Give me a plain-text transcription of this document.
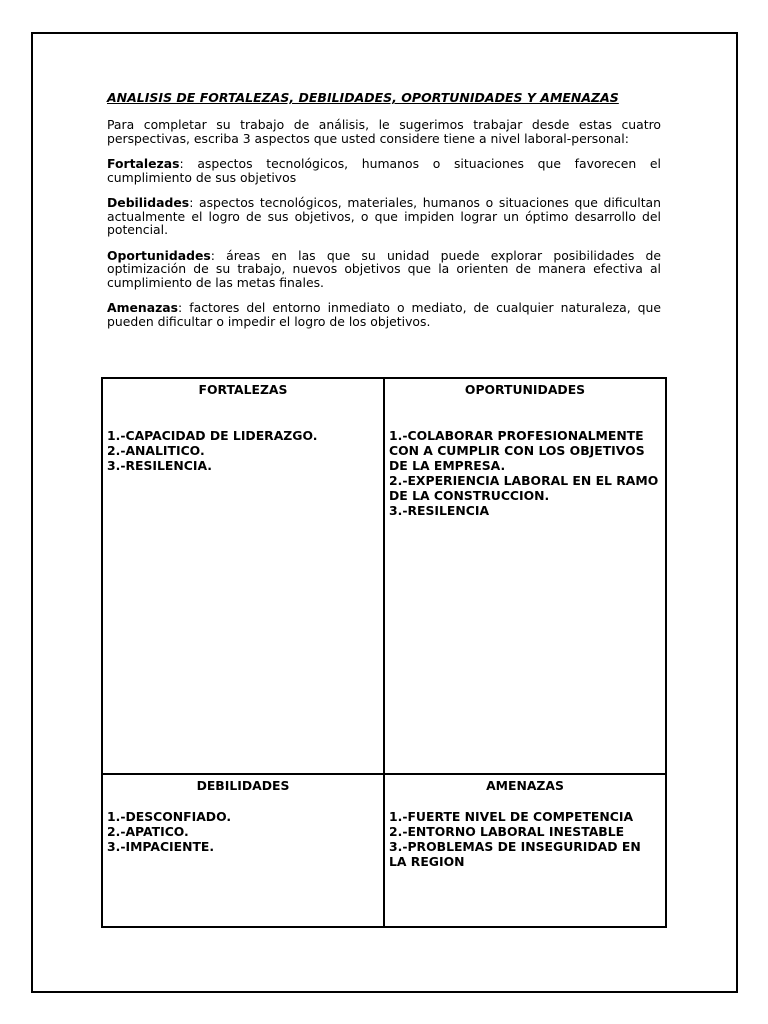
ANALISIS DE FORTALEZAS, DEBILIDADES, OPORTUNIDADES Y AMENAZAS

Para completar su trabajo de análisis, le sugerimos trabajar desde estas cuatro perspectivas, escriba 3 aspectos que usted considere tiene a nivel laboral-personal:

Fortalezas: aspectos tecnológicos, humanos o situaciones que favorecen el cumplimiento de sus objetivos

Debilidades: aspectos tecnológicos, materiales, humanos o situaciones que dificultan actualmente el logro de sus objetivos, o que impiden lograr un óptimo desarrollo del potencial.

Oportunidades: áreas en las que su unidad puede explorar posibilidades de optimización de su trabajo, nuevos objetivos que la orienten de manera efectiva al cumplimiento de las metas finales.

Amenazas: factores del entorno inmediato o mediato, de cualquier naturaleza, que pueden dificultar o impedir el logro de los objetivos.

FORTALEZAS

1.-CAPACIDAD DE LIDERAZGO.
2.-ANALITICO.
3.-RESILENCIA.

OPORTUNIDADES

1.-COLABORAR PROFESIONALMENTE CON A CUMPLIR CON LOS OBJETIVOS DE LA EMPRESA.
2.-EXPERIENCIA LABORAL EN EL RAMO DE LA CONSTRUCCION.
3.-RESILENCIA

DEBILIDADES

1.-DESCONFIADO.
2.-APATICO.
3.-IMPACIENTE.

AMENAZAS

1.-FUERTE NIVEL DE COMPETENCIA
2.-ENTORNO LABORAL INESTABLE
3.-PROBLEMAS DE INSEGURIDAD EN LA REGION
